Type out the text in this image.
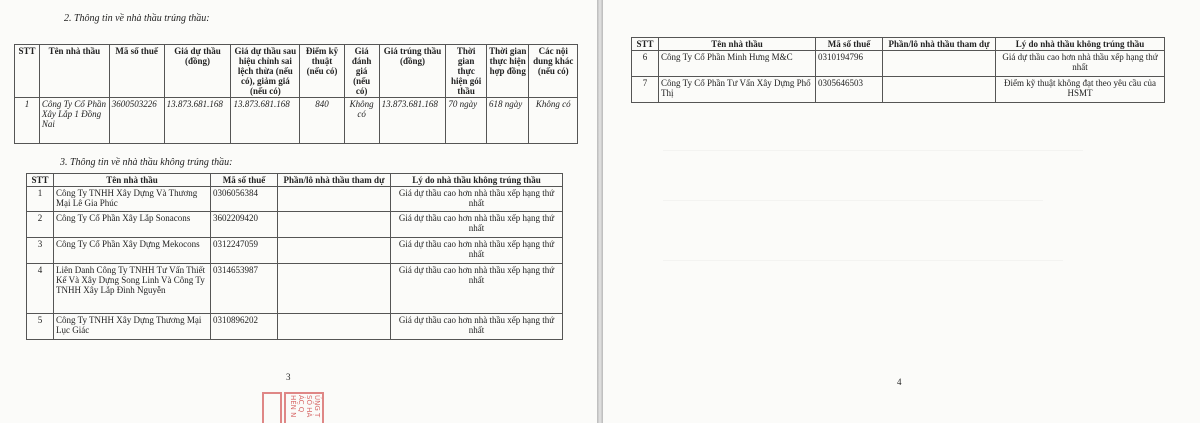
2. Thông tin về nhà thầu trúng thầu:
STT	Tên nhà thầu	Mã số thuế	Giá dự thầu (đồng)	Giá dự thầu sau hiệu chỉnh sai lệch thừa (nếu có), giảm giá (nếu có)	Điểm kỹ thuật (nếu có)	Giá đánh giá (nếu có)	Giá trúng thầu (đồng)	Thời gian thực hiện gói thầu	Thời gian thực hiện hợp đồng	Các nội dung khác (nếu có)
1	Công Ty Cổ Phần Xây Lắp 1 Đồng Nai	3600503226	13.873.681.168	13.873.681.168	840	Không có	13.873.681.168	70 ngày	618 ngày	Không có
3. Thông tin về nhà thầu không trúng thầu:
STT	Tên nhà thầu	Mã số thuế	Phần/lô nhà thầu tham dự	Lý do nhà thầu không trúng thầu
1	Công Ty TNHH Xây Dựng Và Thương Mại Lê Gia Phúc	0306056384		Giá dự thầu cao hơn nhà thầu xếp hạng thứ nhất
2	Công Ty Cổ Phần Xây Lắp Sonacons	3602209420		Giá dự thầu cao hơn nhà thầu xếp hạng thứ nhất
3	Công Ty Cổ Phần Xây Dựng Mekocons	0312247059		Giá dự thầu cao hơn nhà thầu xếp hạng thứ nhất
4	Liên Danh Công Ty TNHH Tư Vấn Thiết Kế Và Xây Dựng Song Linh Và Công Ty TNHH Xây Lắp Đình Nguyễn	0314653987		Giá dự thầu cao hơn nhà thầu xếp hạng thứ nhất
5	Công Ty TNHH Xây Dựng Thương Mại Lục Giác	0310896202		Giá dự thầu cao hơn nhà thầu xếp hạng thứ nhất
3
ỦNG T SỐ HÀ ÁC Q HẾN N
STT	Tên nhà thầu	Mã số thuế	Phần/lô nhà thầu tham dự	Lý do nhà thầu không trúng thầu
6	Công Ty Cổ Phần Minh Hưng M&C	0310194796		Giá dự thầu cao hơn nhà thầu xếp hạng thứ nhất
7	Công Ty Cổ Phần Tư Vấn Xây Dựng Phố Thị	0305646503		Điểm kỹ thuật không đạt theo yêu cầu của HSMT
4
